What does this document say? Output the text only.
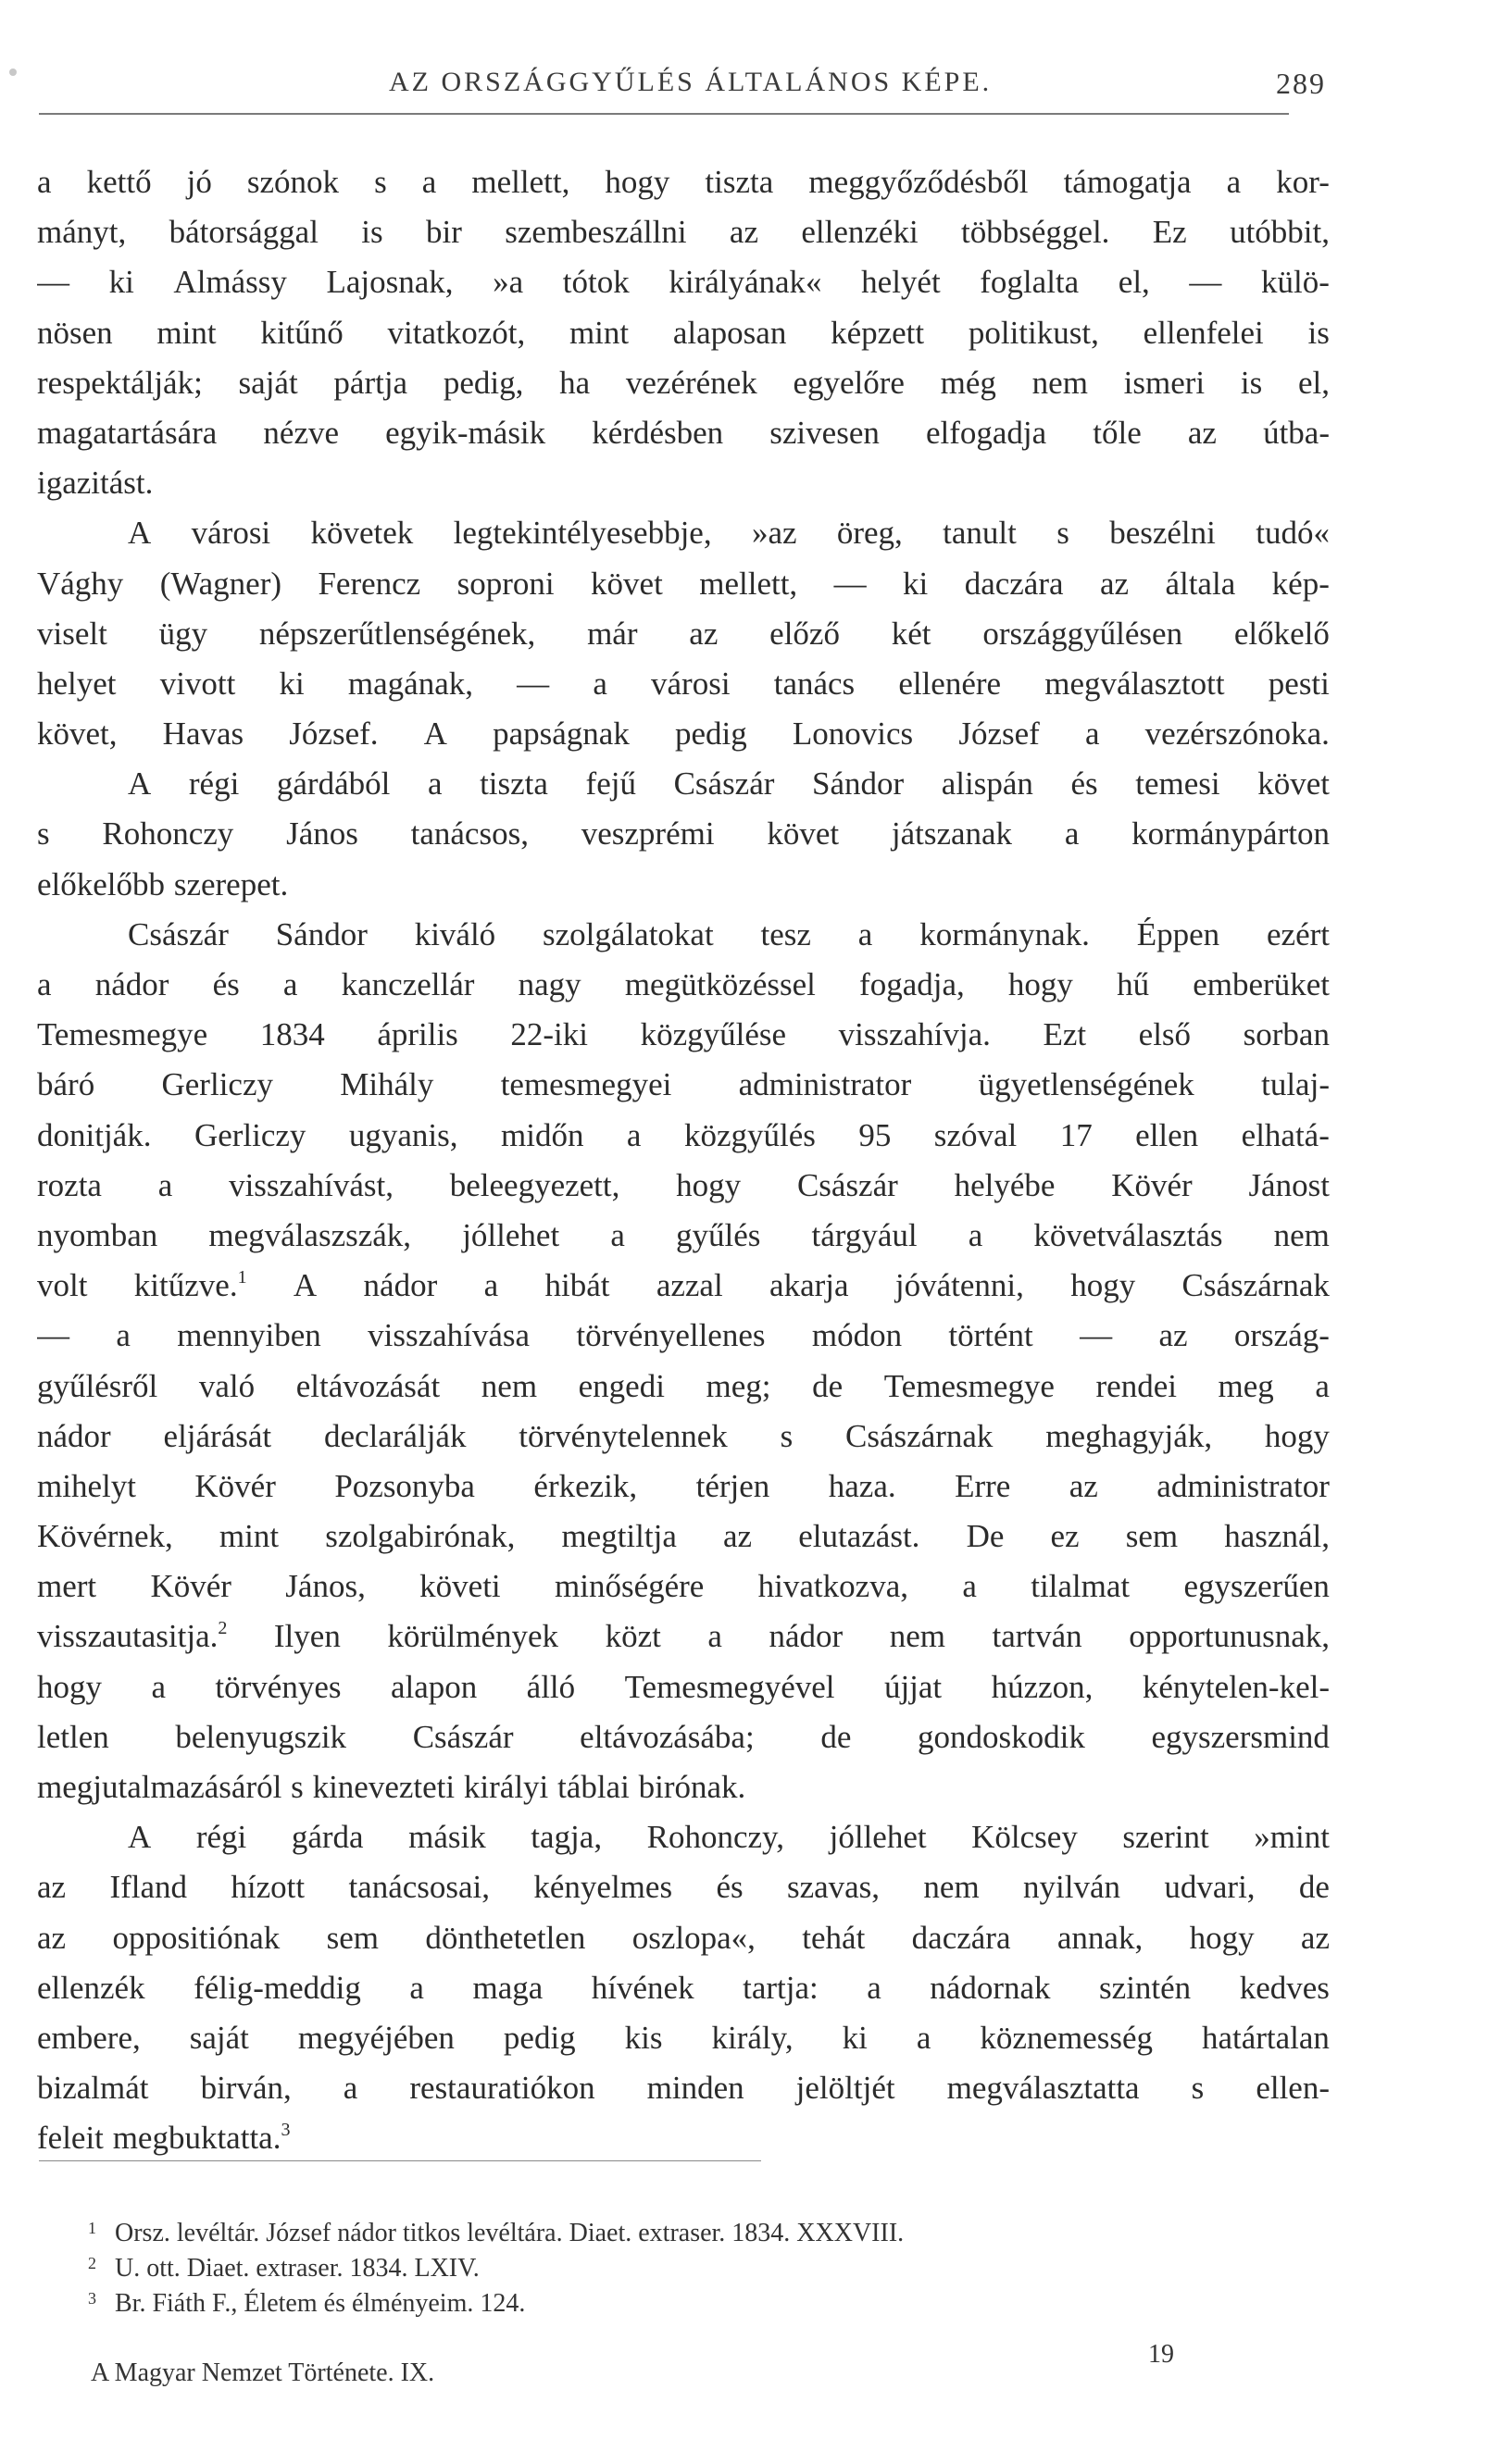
AZ ORSZÁGGYŰLÉS ÁLTALÁNOS KÉPE.	289
a kettő jó szónok s a mellett, hogy tiszta meggyőződésből támogatja a kor-
mányt, bátorsággal is bir szembeszállni az ellenzéki többséggel. Ez utóbbit,
— ki Almássy Lajosnak, »a tótok királyának« helyét foglalta el, — külö-
nösen mint kitűnő vitatkozót, mint alaposan képzett politikust, ellenfelei is
respektálják; saját pártja pedig, ha vezérének egyelőre még nem ismeri is el,
magatartására nézve egyik-másik kérdésben szivesen elfogadja tőle az útba-
igazitást.
A városi követek legtekintélyesebbje, »az öreg, tanult s beszélni tudó«
Vághy (Wagner) Ferencz soproni követ mellett, — ki daczára az általa kép-
viselt ügy népszerűtlenségének, már az előző két országgyűlésen előkelő
helyet vivott ki magának, — a városi tanács ellenére megválasztott pesti
követ, Havas József. A papságnak pedig Lonovics József a vezérszónoka.
A régi gárdából a tiszta fejű Császár Sándor alispán és temesi követ
s Rohonczy János tanácsos, veszprémi követ játszanak a kormánypárton
előkelőbb szerepet.
Császár Sándor kiváló szolgálatokat tesz a kormánynak. Éppen ezért
a nádor és a kanczellár nagy megütközéssel fogadja, hogy hű emberüket
Temesmegye 1834 április 22-iki közgyűlése visszahívja. Ezt első sorban
báró Gerliczy Mihály temesmegyei administrator ügyetlenségének tulaj-
donitják. Gerliczy ugyanis, midőn a közgyűlés 95 szóval 17 ellen elhatá-
rozta a visszahívást, beleegyezett, hogy Császár helyébe Kövér Jánost
nyomban megválaszszák, jóllehet a gyűlés tárgyául a követválasztás nem
volt kitűzve.$^1$ A nádor a hibát azzal akarja jóvátenni, hogy Császárnak
— a mennyiben visszahívása törvényellenes módon történt — az ország-
gyűlésről való eltávozását nem engedi meg; de Temesmegye rendei meg a
nádor eljárását declarálják törvénytelennek s Császárnak meghagyják, hogy
mihelyt Kövér Pozsonyba érkezik, térjen haza. Erre az administrator
Kövérnek, mint szolgabirónak, megtiltja az elutazást. De ez sem használ,
mert Kövér János, követi minőségére hivatkozva, a tilalmat egyszerűen
visszautasitja.$^2$ Ilyen körülmények közt a nádor nem tartván opportunusnak,
hogy a törvényes alapon álló Temesmegyével újjat húzzon, kénytelen-kel-
letlen belenyugszik Császár eltávozásába; de gondoskodik egyszersmind
megjutalmazásáról s kinevezteti királyi táblai birónak.
A régi gárda másik tagja, Rohonczy, jóllehet Kölcsey szerint »mint
az Ifland hízott tanácsosai, kényelmes és szavas, nem nyilván udvari, de
az oppositiónak sem dönthetetlen oszlopa«, tehát daczára annak, hogy az
ellenzék félig-meddig a maga hívének tartja: a nádornak szintén kedves
embere, saját megyéjében pedig kis király, ki a köznemesség határtalan
bizalmát birván, a restauratiókon minden jelöltjét megválasztatta s ellen-
feleit megbuktatta.$^3$
1 Orsz. levéltár. József nádor titkos levéltára. Diaet. extraser. 1834. XXXVIII.
2 U. ott. Diaet. extraser. 1834. LXIV.
3 Br. Fiáth F., Életem és élményeim. 124.
A Magyar Nemzet Története. IX.
19
